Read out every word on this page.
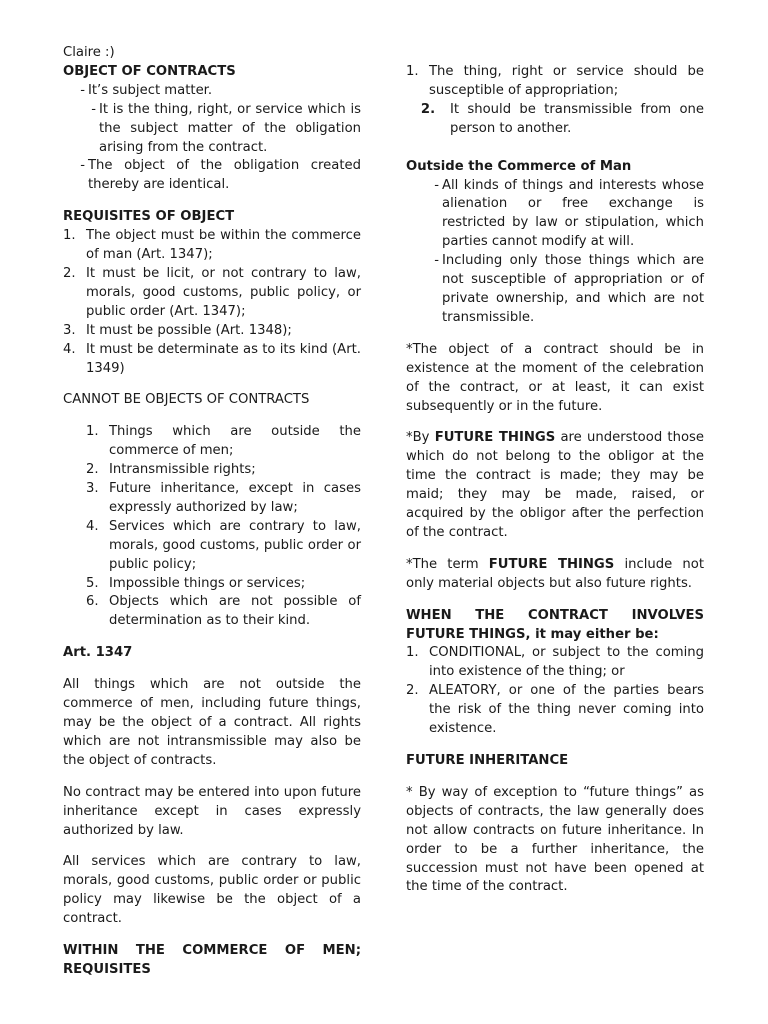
Claire :)

OBJECT OF CONTRACTS

- It’s subject matter.
- It is the thing, right, or service which is the subject matter of the obligation arising from the contract.
- The object of the obligation created thereby are identical.

REQUISITES OF OBJECT

1. The object must be within the commerce of man (Art. 1347);
2. It must be licit, or not contrary to law, morals, good customs, public policy, or public order (Art. 1347);
3. It must be possible (Art. 1348);
4. It must be determinate as to its kind (Art. 1349)

CANNOT BE OBJECTS OF CONTRACTS

1. Things which are outside the commerce of men;
2. Intransmissible rights;
3. Future inheritance, except in cases expressly authorized by law;
4. Services which are contrary to law, morals, good customs, public order or public policy;
5. Impossible things or services;
6. Objects which are not possible of determination as to their kind.

Art. 1347

All things which are not outside the commerce of men, including future things, may be the object of a contract. All rights which are not intransmissible may also be the object of contracts.

No contract may be entered into upon future inheritance except in cases expressly authorized by law.

All services which are contrary to law, morals, good customs, public order or public policy may likewise be the object of a contract.

WITHIN THE COMMERCE OF MEN; REQUISITES

1. The thing, right or service should be susceptible of appropriation;
2.	It should be transmissible from one person to another.

Outside the Commerce of Man

- All kinds of things and interests whose alienation or free exchange is restricted by law or stipulation, which parties cannot modify at will.
- Including only those things which are not susceptible of appropriation or of private ownership, and which are not transmissible.

*The object of a contract should be in existence at the moment of the celebration of the contract, or at least, it can exist subsequently or in the future.

*By FUTURE THINGS are understood those which do not belong to the obligor at the time the contract is made; they may be maid; they may be made, raised, or acquired by the obligor after the perfection of the contract.

*The term FUTURE THINGS include not only material objects but also future rights.

WHEN THE CONTRACT INVOLVES FUTURE THINGS, it may either be:

1. CONDITIONAL, or subject to the coming into existence of the thing; or
2. ALEATORY, or one of the parties bears the risk of the thing never coming into existence.

FUTURE INHERITANCE

* By way of exception to “future things” as objects of contracts, the law generally does not allow contracts on future inheritance. In order to be a further inheritance, the succession must not have been opened at the time of the contract.
